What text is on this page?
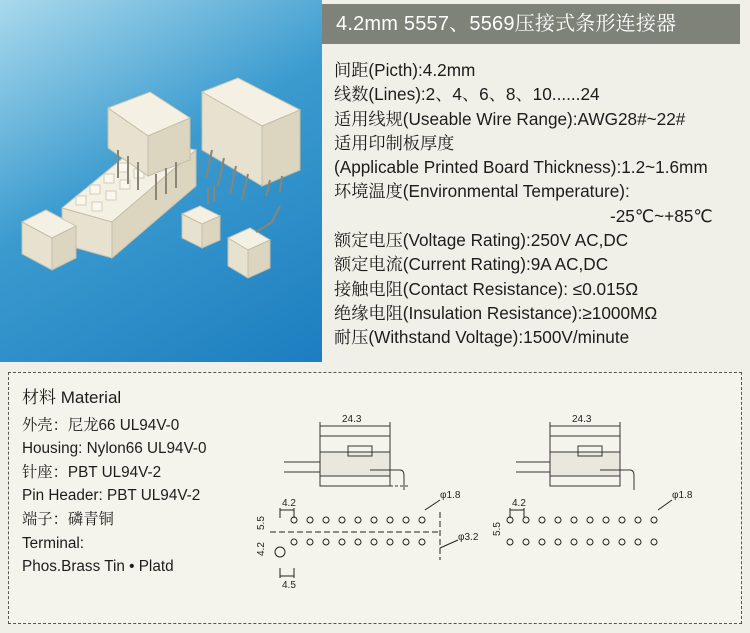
4.2mm 5557、5569压接式条形连接器
间距(Picth):4.2mm
线数(Lines):2、4、6、8、10......24
适用线规(Useable Wire Range):AWG28#~22#
适用印制板厚度
(Applicable Printed Board Thickness):1.2~1.6mm
环境温度(Environmental Temperature):
-25℃~+85℃
额定电压(Voltage Rating):250V AC,DC
额定电流(Current Rating):9A AC,DC
接触电阻(Contact Resistance): ≤0.015Ω
绝缘电阻(Insulation Resistance):≥1000MΩ
耐压(Withstand Voltage):1500V/minute
材料 Material
外壳：尼龙66 UL94V-0
Housing: Nylon66 UL94V-0
针座：PBT UL94V-2
Pin Header: PBT UL94V-2
端子：磷青铜
Terminal:
Phos.Brass Tin • Platd
24.3
4.2
5.5
4.2
φ1.8
φ3.2
4.5
24.3
4.2
5.5
φ1.8
